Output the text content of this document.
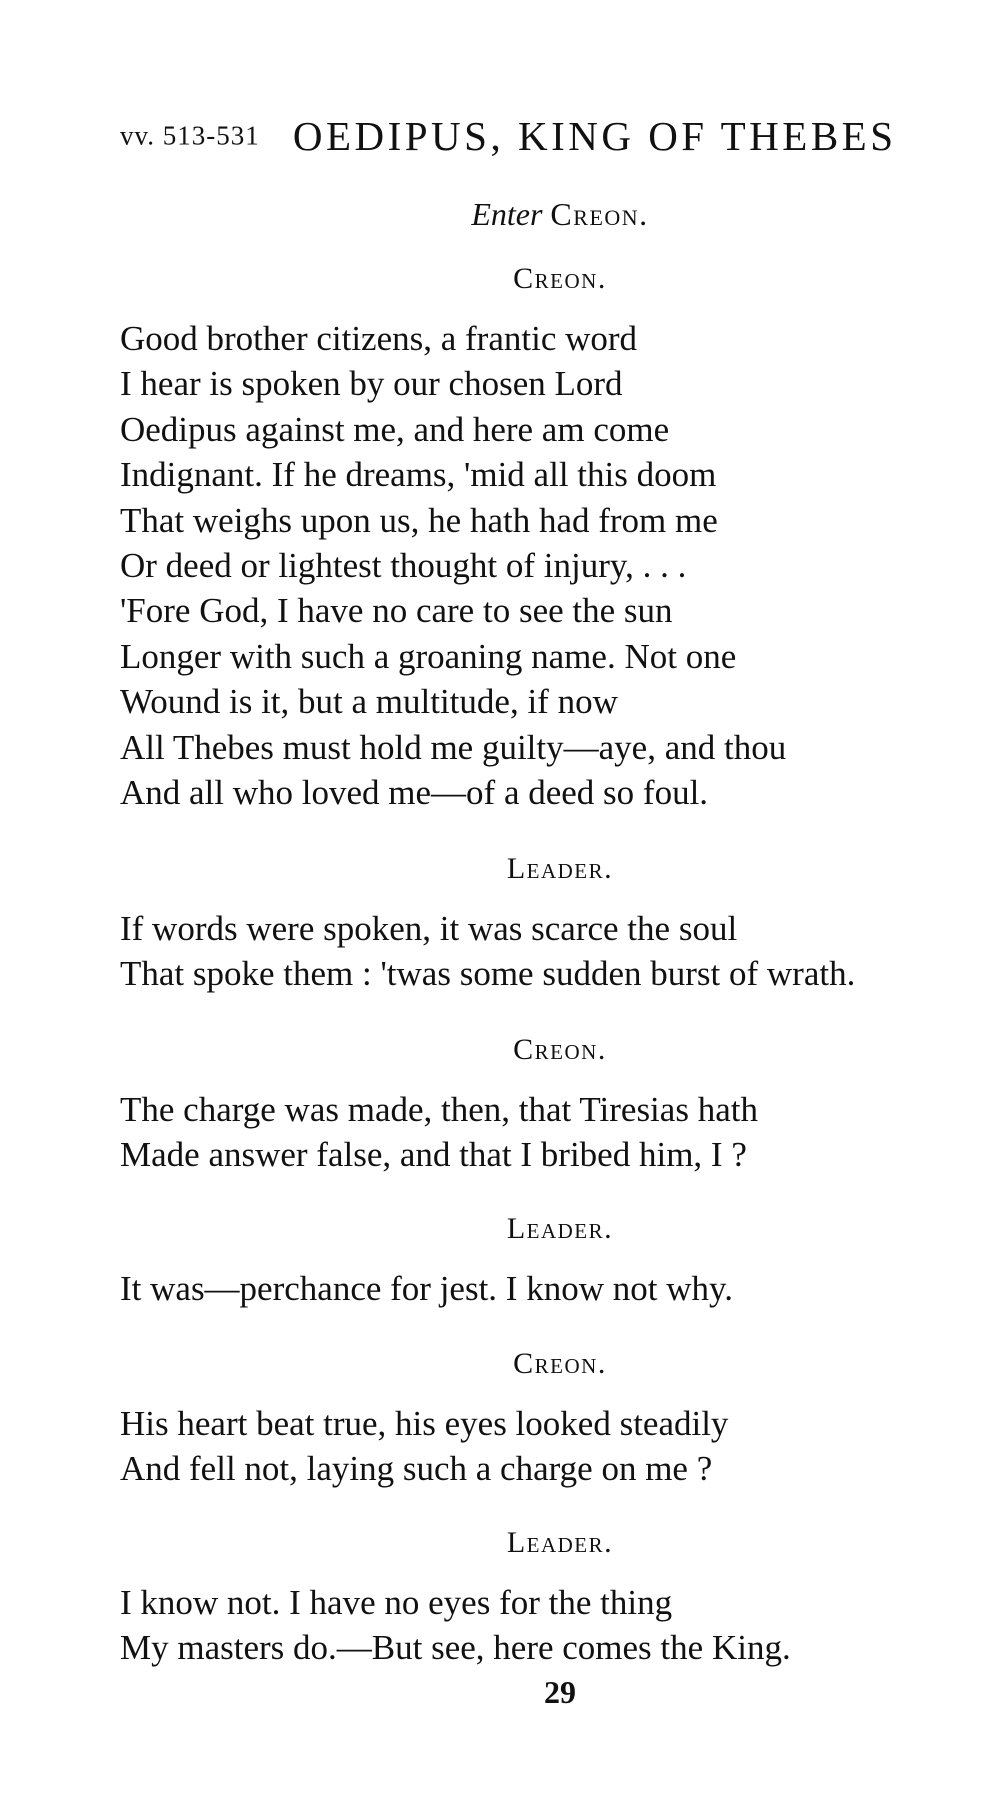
vv. 513-531 OEDIPUS, KING OF THEBES
Enter Creon.
Creon.
Good brother citizens, a frantic word
I hear is spoken by our chosen Lord
Oedipus against me, and here am come
Indignant. If he dreams, 'mid all this doom
That weighs upon us, he hath had from me
Or deed or lightest thought of injury, . . .
'Fore God, I have no care to see the sun
Longer with such a groaning name. Not one
Wound is it, but a multitude, if now
All Thebes must hold me guilty—aye, and thou
And all who loved me—of a deed so foul.
Leader.
If words were spoken, it was scarce the soul
That spoke them : 'twas some sudden burst of wrath.
Creon.
The charge was made, then, that Tiresias hath
Made answer false, and that I bribed him, I ?
Leader.
It was—perchance for jest. I know not why.
Creon.
His heart beat true, his eyes looked steadily
And fell not, laying such a charge on me ?
Leader.
I know not. I have no eyes for the thing
My masters do.—But see, here comes the King.
29
